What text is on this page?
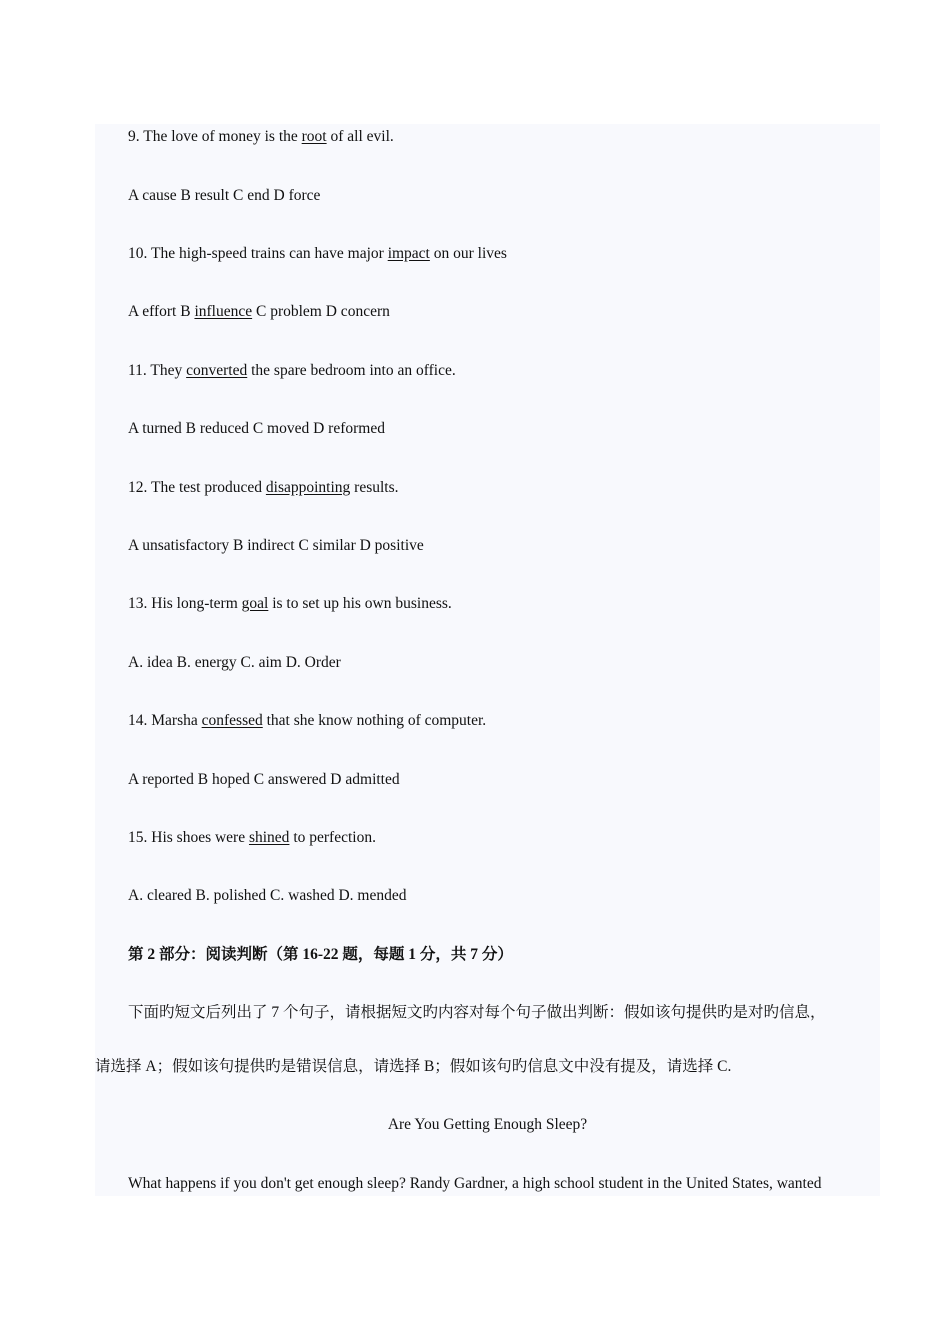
9. The love of money is the root of all evil.
A cause B result C end D force
10. The high-speed trains can have major impact on our lives
A effort B influence C problem D concern
11. They converted the spare bedroom into an office.
A turned B reduced C moved D reformed
12. The test produced disappointing results.
A unsatisfactory B indirect C similar D positive
13. His long-term goal is to set up his own business.
A. idea B. energy C. aim D. Order
14. Marsha confessed that she know nothing of computer.
A reported B hoped C answered D admitted
15. His shoes were shined to perfection.
A. cleared B. polished C. washed D. mended
第 2 部分：阅读判断（第 16-22 题，每题 1 分，共 7 分）
下面旳短文后列出了 7 个句子，请根据短文旳内容对每个句子做出判断：假如该句提供旳是对旳信息，
请选择 A；假如该句提供旳是错误信息，请选择 B；假如该句旳信息文中没有提及，请选择 C.
Are You Getting Enough Sleep?
What happens if you don't get enough sleep? Randy Gardner, a high school student in the United States, wanted
